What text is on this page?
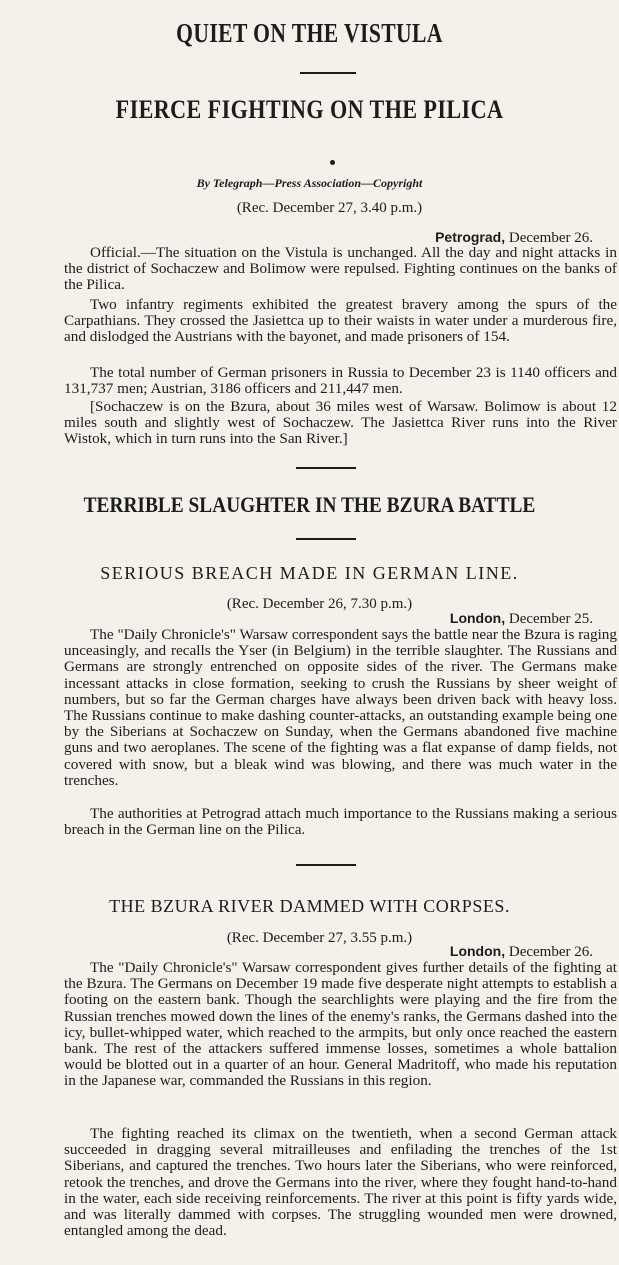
QUIET ON THE VISTULA
FIERCE FIGHTING ON THE PILICA
By Telegraph—Press Association—Copyright
(Rec. December 27, 3.40 p.m.)
Petrograd, December 26.

Official.—The situation on the Vistula is unchanged. All the day and night attacks in the district of Sochaczew and Bolimow were repulsed. Fighting continues on the banks of the Pilica.

Two infantry regiments exhibited the greatest bravery among the spurs of the Carpathians. They crossed the Jasiettca up to their waists in water under a murderous fire, and dislodged the Austrians with the bayonet, and made prisoners of 154.

The total number of German prisoners in Russia to December 23 is 1140 officers and 131,737 men; Austrian, 3186 officers and 211,447 men.

[Sochaczew is on the Bzura, about 36 miles west of Warsaw. Bolimow is about 12 miles south and slightly west of Sochaczew. The Jasiettca River runs into the River Wistok, which in turn runs into the San River.]

TERRIBLE SLAUGHTER IN THE BZURA BATTLE
SERIOUS BREACH MADE IN GERMAN LINE.
(Rec. December 26, 7.30 p.m.)
London, December 25.

The "Daily Chronicle's" Warsaw correspondent says the battle near the Bzura is raging unceasingly, and recalls the Yser (in Belgium) in the terrible slaughter. The Russians and Germans are strongly entrenched on opposite sides of the river. The Germans make incessant attacks in close formation, seeking to crush the Russians by sheer weight of numbers, but so far the German charges have always been driven back with heavy loss. The Russians continue to make dashing counter-attacks, an outstanding example being one by the Siberians at Sochaczew on Sunday, when the Germans abandoned five machine guns and two aeroplanes. The scene of the fighting was a flat expanse of damp fields, not covered with snow, but a bleak wind was blowing, and there was much water in the trenches.

The authorities at Petrograd attach much importance to the Russians making a serious breach in the German line on the Pilica.

THE BZURA RIVER DAMMED WITH CORPSES.
(Rec. December 27, 3.55 p.m.)
London, December 26.

The "Daily Chronicle's" Warsaw correspondent gives further details of the fighting at the Bzura. The Germans on December 19 made five desperate night attempts to establish a footing on the eastern bank. Though the searchlights were playing and the fire from the Russian trenches mowed down the lines of the enemy's ranks, the Germans dashed into the icy, bullet-whipped water, which reached to the armpits, but only once reached the eastern bank. The rest of the attackers suffered immense losses, sometimes a whole battalion would be blotted out in a quarter of an hour. General Madritoff, who made his reputation in the Japanese war, commanded the Russians in this region.

The fighting reached its climax on the twentieth, when a second German attack succeeded in dragging several mitrailleuses and enfilading the trenches of the 1st Siberians, and captured the trenches. Two hours later the Siberians, who were reinforced, retook the trenches, and drove the Germans into the river, where they fought hand-to-hand in the water, each side receiving reinforcements. The river at this point is fifty yards wide, and was literally dammed with corpses. The struggling wounded men were drowned, entangled among the dead.
